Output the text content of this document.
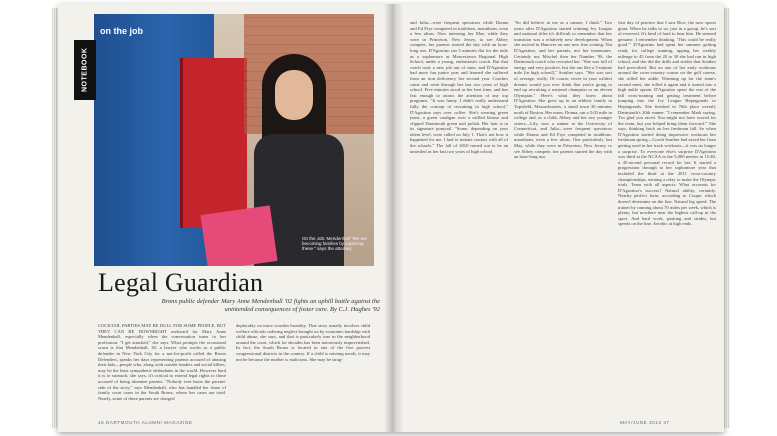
NOTEBOOK
on the job
On the Job: Mendenhall "We are becoming families by exploring these." says the attorney.
Legal Guardian
Bronx public defender Mary Anne Mendenhall '02 fights an uphill battle against the unintended consequences of foster care. By C.J. Hughes '92
COCKTAIL PARTIES MAY BE DULL FOR SOME PEOPLE, BUT THEY CAN BE DOWNRIGHT awkward for Mary Anne Mendenhall, especially when the conversation turns to her profession. "I get attacked," she says. What prompts the occasional scorn is that Mendenhall, 30, a lawyer who works as a public defender in New York City for a not-for-profit called the Bronx Defenders, speaks her days representing parents accused of abusing their kids—people who, along with outside funders and social killers, may be the least sympathetic defendants in the world. However hard it is to stomach, she says, it's critical to extend legal rights to those accused of being absentee parents. "Nobody ever hears the parents' side of the story," says Mendenhall, who has handled her share of family court cases in the South Bronx, where her cases are tried. Nearly, some of these parents are charged
deplorably on more wooden brutality. That story usually involves child welfare officials ordering neglect brought on by economic hardship with child abuse, she says, and that is particularly true in the neighborhood around the court, which for decades has been notoriously impoverished. In fact, the South Bronx is located in one of the five poorest congressional districts in the country. If a child is missing meals, it may not be because the mother is malicious. She may be strug-
46 DARTMOUTH ALUMNI MAGAZINE
and Julia—were frequent spectators while Donna and Ed Frye competed in triathlons, marathons, even a few ultras. Now interning her Mae, while they were in Princeton, New Jersey, to see Abbey compete, her parents started the day with an hour-long run. D'Agostino ran 5 minutes flat for the mile as a sophomore at Moorestown Regional High School, under a young, enthusiastic coach. But that coach took a new job out of state, and D'Agostino had more fun junior year and learned she suffered from an iron deficiency her second year. Coaches came and went through her last two years of high school. Five minutes stood as her best time, and has fast enough to attract the attention of any top programs. "It was funny. I didn't really understand fully the concept of recruiting in high school," D'Agostino says over coffee. She's wearing green jeans, a green cardigan over a ruffled blouse and clipped Dartmouth green nail polish. Her hair is in its signature ponytail. "Some, depending on your talent level, were called on July 1. That's not how it happened for me. I had to initiate contact with all of the schools." The fall of 2010 turned out to be an unsettled as her last two years of high school.
"So did believe in me as a runner, I think." Two years after D'Agostino started winning Ivy League and national titles it's difficult to remember that her transition was a relatively new development. When she arrived in Hanover on one new fine coming, Nat D'Agostino, and her parents, not her teammates. Certainly not Mischel then her Number '96, the Dartmouth coach who recruited her. "She was full of energy and very positive, but she ran like a 5-minute mile [in high school]," Souther says. "She was sort of average, really. Of course, never in your wildest dreams would you ever think that you're going to end up recruiting a national champion or an eleven Olympian." Here's what they knew about D'Agostino: She grew up in an athletic family in Topsfield, Massachusetts, a small town 30 minutes north of Boston. Her mom, Donna, ran a 5:03 mile in college and, as a child, Abbey and her two younger sisters—Lily, now a runner at the University of Connecticut, and Julia—were frequent spectators while Donna and Ed Frye competed in triathlons, marathons, even a few ultras. One particularly last May, while they were in Princeton, New Jersey, to see Abbey compete, her parents started the day with an hour-long run.
first day of practice that I saw Rice, the now sports giant. When he talks to us, just in a group, he's sort of reserved. It's kind of hard to hear him. He seemed genuine. I remember thinking, 'This could be really good.'" D'Agostino had spent her summer getting ready for college running, upping her weekly mileage to 45 from the 20 to 30 she had run in high school, and she did the drills and strides that Souther had prescribed. But on one of her early workouts around the cross-country course on the golf course, she rolled her ankle. Warming up for the team's second meet, she rolled it again and it turned into a high ankle sprain. D'Agostino spent the rest of the fall cross-training and getting treatment before jumping into the Ivy League Heptagonals or Heptagonals. She finished in 76th place overall, Dartmouth's 20th runner. "I remember Mark saying, 'I'm glad you raced. You might not have scored for the team, but you helped bring them forward.'" She says, thinking back on her freshman fall. So when D'Agostino started doing impressive workouts her freshman spring—Coach Souther had saved her from getting used in her track workouts—it was no longer a surprise. To everyone else's surprise D'Agostino was third at the NCAA in the 5,000 meters in 15:40, a 45-second personal record for her. It started a progression through to her sophomore year that included the third at the 2011 cross-country championships, earning a relay to make the Olympic trials. Team with all aspects. What accounts for D'Agostino's success? Natural ability, certainly. Nearby perfect form, according to Coupe, which doesn't determine on the line. Natural leg speed. The trainer by running about 70 miles per week, which is plenty, but nowhere near the highest call-up in the sport. And hard work, pushing and strides, but speeds on the line. Aerobic at high ends.
MAY/JUNE 2013 47
